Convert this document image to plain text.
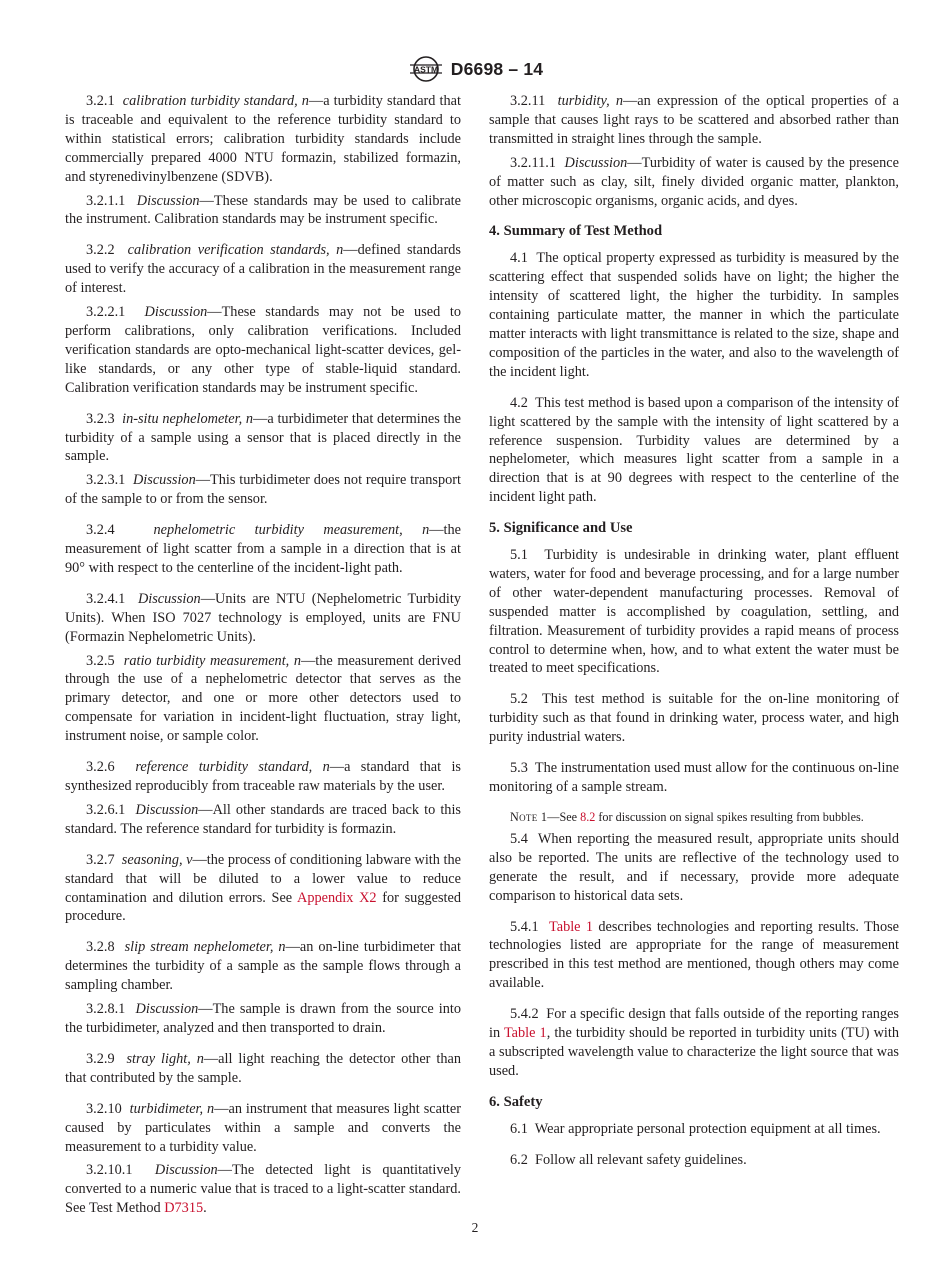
ASTM D6698 – 14

3.2.1 calibration turbidity standard, n—a turbidity standard that is traceable and equivalent to the reference turbidity standard to within statistical errors; calibration turbidity standards include commercially prepared 4000 NTU formazin, stabilized formazin, and styrenedivinylbenzene (SDVB).

3.2.1.1 Discussion—These standards may be used to calibrate the instrument. Calibration standards may be instrument specific.

3.2.2 calibration verification standards, n—defined standards used to verify the accuracy of a calibration in the measurement range of interest.

3.2.2.1 Discussion—These standards may not be used to perform calibrations, only calibration verifications. Included verification standards are opto-mechanical light-scatter devices, gel-like standards, or any other type of stable-liquid standard. Calibration verification standards may be instrument specific.

3.2.3 in-situ nephelometer, n—a turbidimeter that determines the turbidity of a sample using a sensor that is placed directly in the sample.

3.2.3.1 Discussion—This turbidimeter does not require transport of the sample to or from the sensor.

3.2.4	nephelometric turbidity measurement, n—the measurement of light scatter from a sample in a direction that is at 90° with respect to the centerline of the incident-light path.

3.2.4.1 Discussion—Units are NTU (Nephelometric Turbidity Units). When ISO 7027 technology is employed, units are FNU (Formazin Nephelometric Units).

3.2.5 ratio turbidity measurement, n—the measurement derived through the use of a nephelometric detector that serves as the primary detector, and one or more other detectors used to compensate for variation in incident-light fluctuation, stray light, instrument noise, or sample color.

3.2.6 reference turbidity standard, n—a standard that is synthesized reproducibly from traceable raw materials by the user.

3.2.6.1 Discussion—All other standards are traced back to this standard. The reference standard for turbidity is formazin.

3.2.7 seasoning, v—the process of conditioning labware with the standard that will be diluted to a lower value to reduce contamination and dilution errors. See Appendix X2 for suggested procedure.

3.2.8 slip stream nephelometer, n—an on-line turbidimeter that determines the turbidity of a sample as the sample flows through a sampling chamber.

3.2.8.1 Discussion—The sample is drawn from the source into the turbidimeter, analyzed and then transported to drain.

3.2.9 stray light, n—all light reaching the detector other than that contributed by the sample.

3.2.10 turbidimeter, n—an instrument that measures light scatter caused by particulates within a sample and converts the measurement to a turbidity value.

3.2.10.1 Discussion—The detected light is quantitatively converted to a numeric value that is traced to a light-scatter standard. See Test Method D7315.

3.2.11 turbidity, n—an expression of the optical properties of a sample that causes light rays to be scattered and absorbed rather than transmitted in straight lines through the sample.

3.2.11.1 Discussion—Turbidity of water is caused by the presence of matter such as clay, silt, finely divided organic matter, plankton, other microscopic organisms, organic acids, and dyes.

4. Summary of Test Method

4.1 The optical property expressed as turbidity is measured by the scattering effect that suspended solids have on light; the higher the intensity of scattered light, the higher the turbidity. In samples containing particulate matter, the manner in which the particulate matter interacts with light transmittance is related to the size, shape and composition of the particles in the water, and also to the wavelength of the incident light.

4.2 This test method is based upon a comparison of the intensity of light scattered by the sample with the intensity of light scattered by a reference suspension. Turbidity values are determined by a nephelometer, which measures light scatter from a sample in a direction that is at 90 degrees with respect to the centerline of the incident light path.

5. Significance and Use

5.1 Turbidity is undesirable in drinking water, plant effluent waters, water for food and beverage processing, and for a large number of other water-dependent manufacturing processes. Removal of suspended matter is accomplished by coagulation, settling, and filtration. Measurement of turbidity provides a rapid means of process control to determine when, how, and to what extent the water must be treated to meet specifications.

5.2 This test method is suitable for the on-line monitoring of turbidity such as that found in drinking water, process water, and high purity industrial waters.

5.3 The instrumentation used must allow for the continuous on-line monitoring of a sample stream.

Note 1—See 8.2 for discussion on signal spikes resulting from bubbles.

5.4 When reporting the measured result, appropriate units should also be reported. The units are reflective of the technology used to generate the result, and if necessary, provide more adequate comparison to historical data sets.

5.4.1 Table 1 describes technologies and reporting results. Those technologies listed are appropriate for the range of measurement prescribed in this test method are mentioned, though others may come available.

5.4.2 For a specific design that falls outside of the reporting ranges in Table 1, the turbidity should be reported in turbidity units (TU) with a subscripted wavelength value to characterize the light source that was used.

6. Safety

6.1 Wear appropriate personal protection equipment at all times.

6.2 Follow all relevant safety guidelines.

2
